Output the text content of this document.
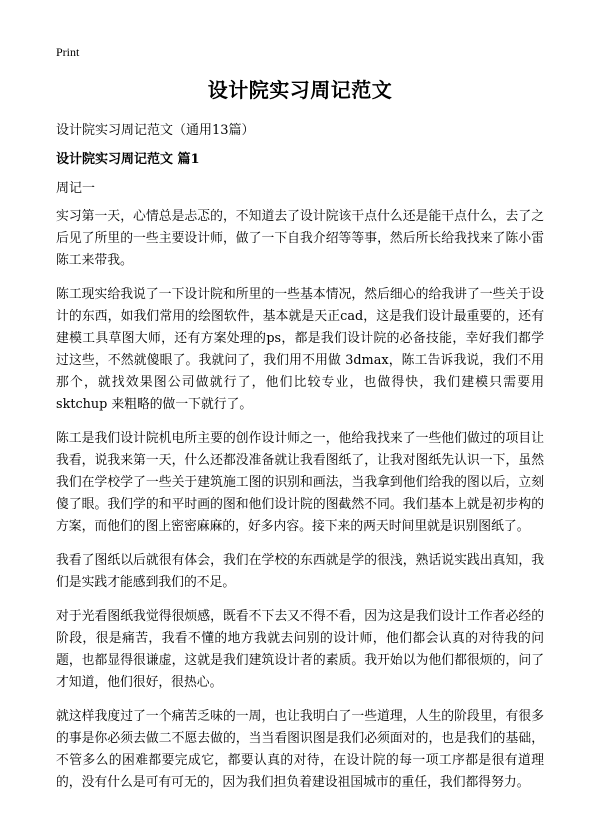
Print
设计院实习周记范文
设计院实习周记范文（通用13篇）
设计院实习周记范文 篇1
周记一

实习第一天，心情总是忐忑的，不知道去了设计院该干点什么还是能干点什么，去了之后见了所里的一些主要设计师，做了一下自我介绍等等事，然后所长给我找来了陈小雷陈工来带我。

陈工现实给我说了一下设计院和所里的一些基本情况，然后细心的给我讲了一些关于设计的东西，如我们常用的绘图软件，基本就是天正cad，这是我们设计最重要的，还有建模工具草图大师，还有方案处理的ps，都是我们设计院的必备技能，幸好我们都学过这些，不然就傻眼了。我就问了，我们用不用做 3dmax，陈工告诉我说，我们不用那个，就找效果图公司做就行了，他们比较专业，也做得快，我们建模只需要用sktchup 来粗略的做一下就行了。

陈工是我们设计院机电所主要的创作设计师之一，他给我找来了一些他们做过的项目让我看，说我来第一天，什么还都没准备就让我看图纸了，让我对图纸先认识一下，虽然我们在学校学了一些关于建筑施工图的识别和画法，当我拿到他们给我的图以后，立刻傻了眼。我们学的和平时画的图和他们设计院的图截然不同。我们基本上就是初步构的方案，而他们的图上密密麻麻的，好多内容。接下来的两天时间里就是识别图纸了。

我看了图纸以后就很有体会，我们在学校的东西就是学的很浅，熟话说实践出真知，我们是实践才能感到我们的不足。

对于光看图纸我觉得很烦感，既看不下去又不得不看，因为这是我们设计工作者必经的阶段，很是痛苦，我看不懂的地方我就去问别的设计师，他们都会认真的对待我的问题，也都显得很谦虚，这就是我们建筑设计者的素质。我开始以为他们都很烦的，问了才知道，他们很好，很热心。

就这样我度过了一个痛苦乏味的一周，也让我明白了一些道理，人生的阶段里，有很多的事是你必须去做二不愿去做的，当当看图识图是我们必须面对的，也是我们的基础，不管多么的困难都要完成它，都要认真的对待，在设计院的每一项工序都是很有道理的，没有什么是可有可无的，因为我们担负着建设祖国城市的重任，我们都得努力。
